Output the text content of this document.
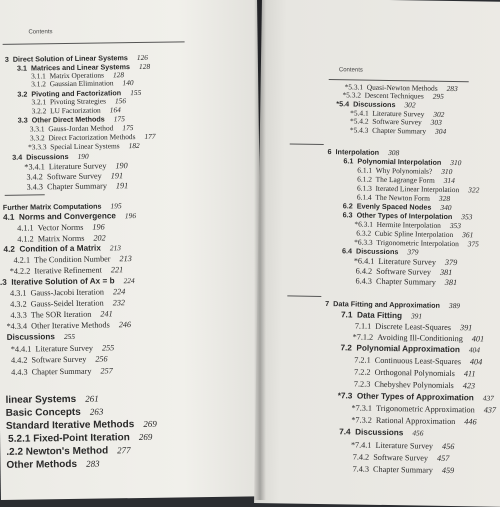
Contents
3 Direct Solution of Linear Systems 126
3.1 Matrices and Linear Systems 128
3.1.1 Matrix Operations 128
3.1.2 Gaussian Elimination 140
3.2 Pivoting and Factorization 155
3.2.1 Pivoting Strategies 156
3.2.2 LU Factorization 164
3.3 Other Direct Methods 175
3.3.1 Gauss-Jordan Method 175
3.3.2 Direct Factorization Methods 177
*3.3.3 Special Linear Systems 182
3.4 Discussions 190
*3.4.1 Literature Survey 190
3.4.2 Software Survey 191
3.4.3 Chapter Summary 191
Further Matrix Computations 195
4.1 Norms and Convergence 196
4.1.1 Vector Norms 196
4.1.2 Matrix Norms 202
4.2 Condition of a Matrix 213
4.2.1 The Condition Number 213
*4.2.2 Iterative Refinement 221
.3 Iterative Solution of Ax = b 224
4.3.1 Gauss-Jacobi Iteration 224
4.3.2 Gauss-Seidel Iteration 232
4.3.3 The SOR Iteration 241
*4.3.4 Other Iterative Methods 246
Discussions 255
*4.4.1 Literature Survey 255
4.4.2 Software Survey 256
4.4.3 Chapter Summary 257
linear Systems 261
Basic Concepts 263
Standard Iterative Methods 269
5.2.1 Fixed-Point Iteration 269
.2.2 Newton's Method 277
Other Methods 283
Contents
*5.3.1 Quasi-Newton Methods 283
*5.3.2 Descent Techniques 295
*5.4 Discussions 302
*5.4.1 Literature Survey 302
*5.4.2 Software Survey 303
*5.4.3 Chapter Summary 304
6 Interpolation 308
6.1 Polynomial Interpolation 310
6.1.1 Why Polynomials? 310
6.1.2 The Lagrange Form 314
6.1.3 Iterated Linear Interpolation 322
6.1.4 The Newton Form 328
6.2 Evenly Spaced Nodes 340
6.3 Other Types of Interpolation 353
*6.3.1 Hermite Interpolation 353
6.3.2 Cubic Spline Interpolation 361
*6.3.3 Trigonometric Interpolation 375
6.4 Discussions 379
*6.4.1 Literature Survey 379
6.4.2 Software Survey 381
6.4.3 Chapter Summary 381
7 Data Fitting and Approximation 389
7.1 Data Fitting 391
7.1.1 Discrete Least-Squares 391
*7.1.2 Avoiding Ill-Conditioning 401
7.2 Polynomial Approximation 404
7.2.1 Continuous Least-Squares 404
7.2.2 Orthogonal Polynomials 411
7.2.3 Chebyshev Polynomials 423
*7.3 Other Types of Approximation 437
*7.3.1 Trigonometric Approximation 437
*7.3.2 Rational Approximation 446
7.4 Discussions 456
*7.4.1 Literature Survey 456
7.4.2 Software Survey 457
7.4.3 Chapter Summary 459
